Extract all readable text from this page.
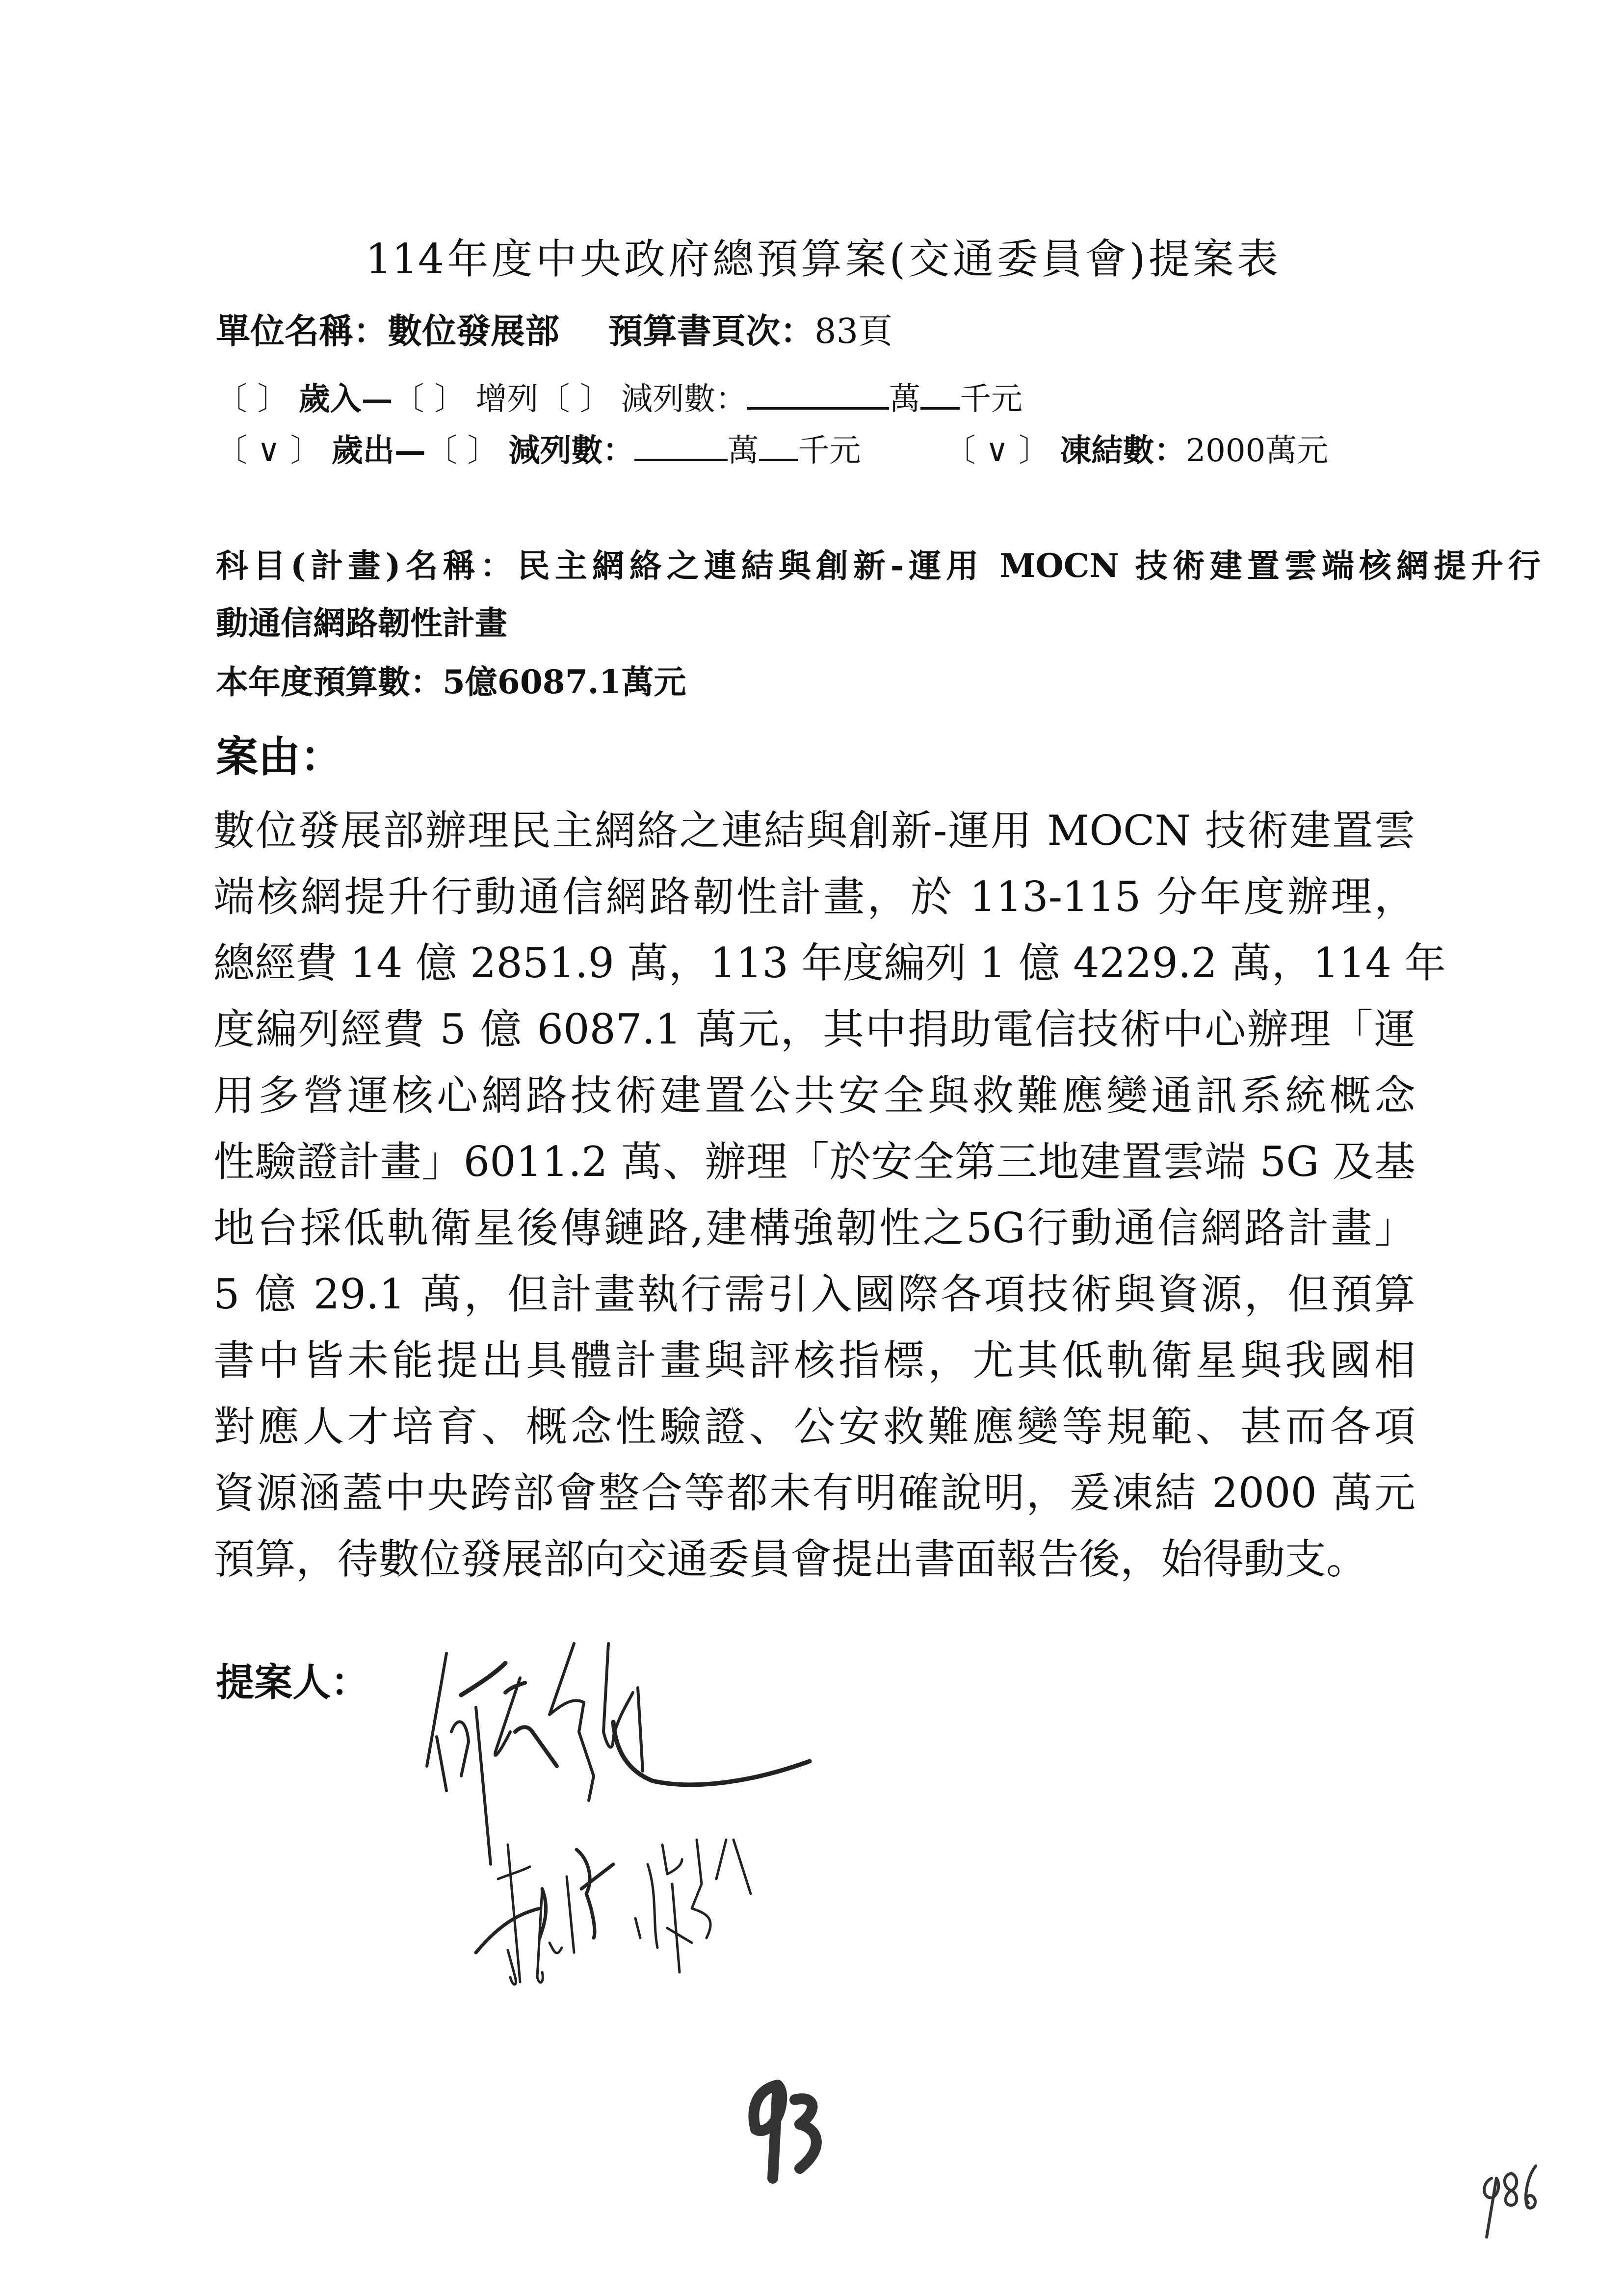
114年度中央政府總預算案(交通委員會)提案表
單位名稱：數位發展部 預算書頁次：83頁
〔 〕 歲入—〔 〕 增列〔 〕 減列數：	萬 千元
〔 ∨ 〕 歲出—〔 〕 減列數：	萬 千元	〔 ∨ 〕 凍結數：2000萬元
科目(計畫)名稱：民主網絡之連結與創新-運用 MOCN 技術建置雲端核網提升行
動通信網路韌性計畫
本年度預算數：5億6087.1萬元
案由：
數位發展部辦理民主網絡之連結與創新-運用 MOCN 技術建置雲
端核網提升行動通信網路韌性計畫，於 113-115 分年度辦理，
總經費 14 億 2851.9 萬，113 年度編列 1 億 4229.2 萬，114 年
度編列經費 5 億 6087.1 萬元，其中捐助電信技術中心辦理「運
用多營運核心網路技術建置公共安全與救難應變通訊系統概念
性驗證計畫」6011.2 萬、辦理「於安全第三地建置雲端 5G 及基
地台採低軌衛星後傳鏈路,建構強韌性之5G行動通信網路計畫」
5 億 29.1 萬，但計畫執行需引入國際各項技術與資源，但預算
書中皆未能提出具體計畫與評核指標，尤其低軌衛星與我國相
對應人才培育、概念性驗證、公安救難應變等規範、甚而各項
資源涵蓋中央跨部會整合等都未有明確說明，爰凍結 2000 萬元
預算，待數位發展部向交通委員會提出書面報告後，始得動支。
提案人：
